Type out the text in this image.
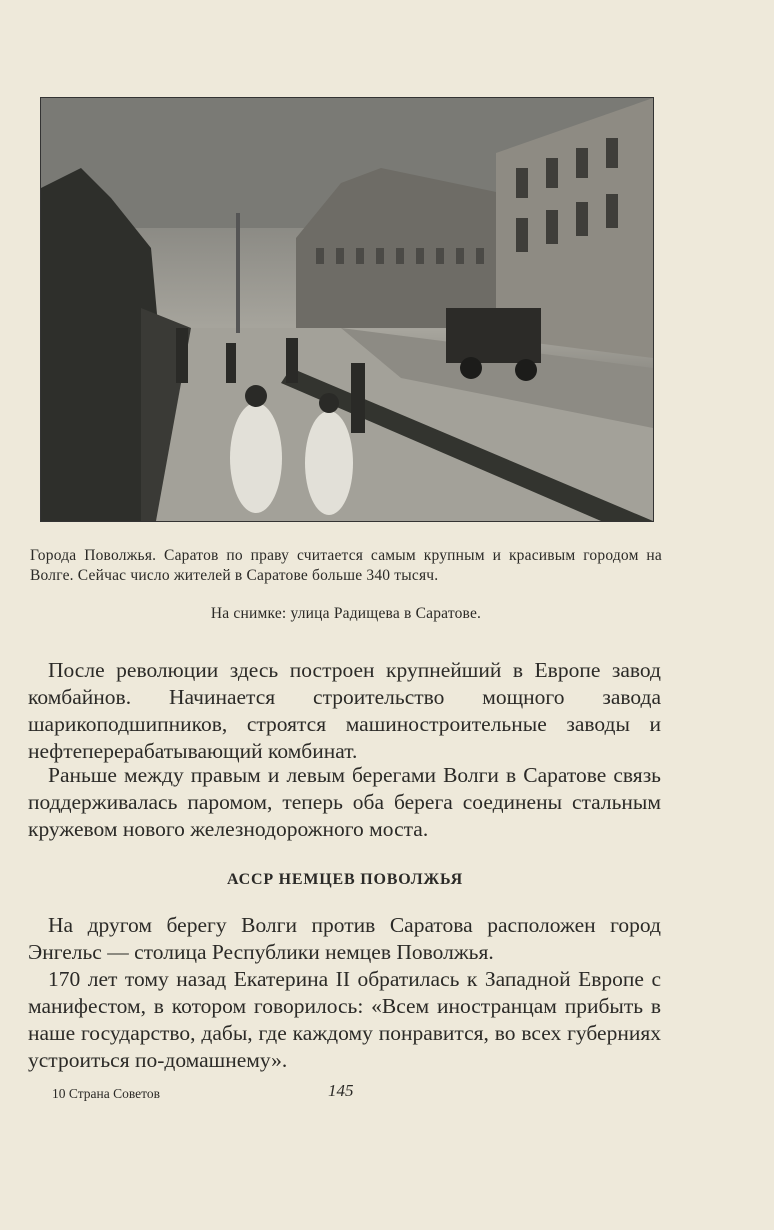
Города Поволжья. Саратов по праву считается самым крупным и красивым городом на Волге. Сейчас число жителей в Саратове больше 340 тысяч.
На снимке: улица Радищева в Саратове.
После революции здесь построен крупнейший в Европе завод комбайнов. Начинается строительство мощного завода шарикоподшипников, строятся машиностроительные заводы и нефтеперерабатывающий комбинат.
Раньше между правым и левым берегами Волги в Саратове связь поддерживалась паромом, теперь оба берега соединены стальным кружевом нового железнодорожного моста.
АССР НЕМЦЕВ ПОВОЛЖЬЯ
На другом берегу Волги против Саратова расположен город Энгельс — столица Республики немцев Поволжья.
170 лет тому назад Екатерина II обратилась к Западной Европе с манифестом, в котором говорилось: «Всем иностранцам прибыть в наше государство, дабы, где каждому понравится, во всех губерниях устроиться по-домашнему».
10 Страна Советов	145
